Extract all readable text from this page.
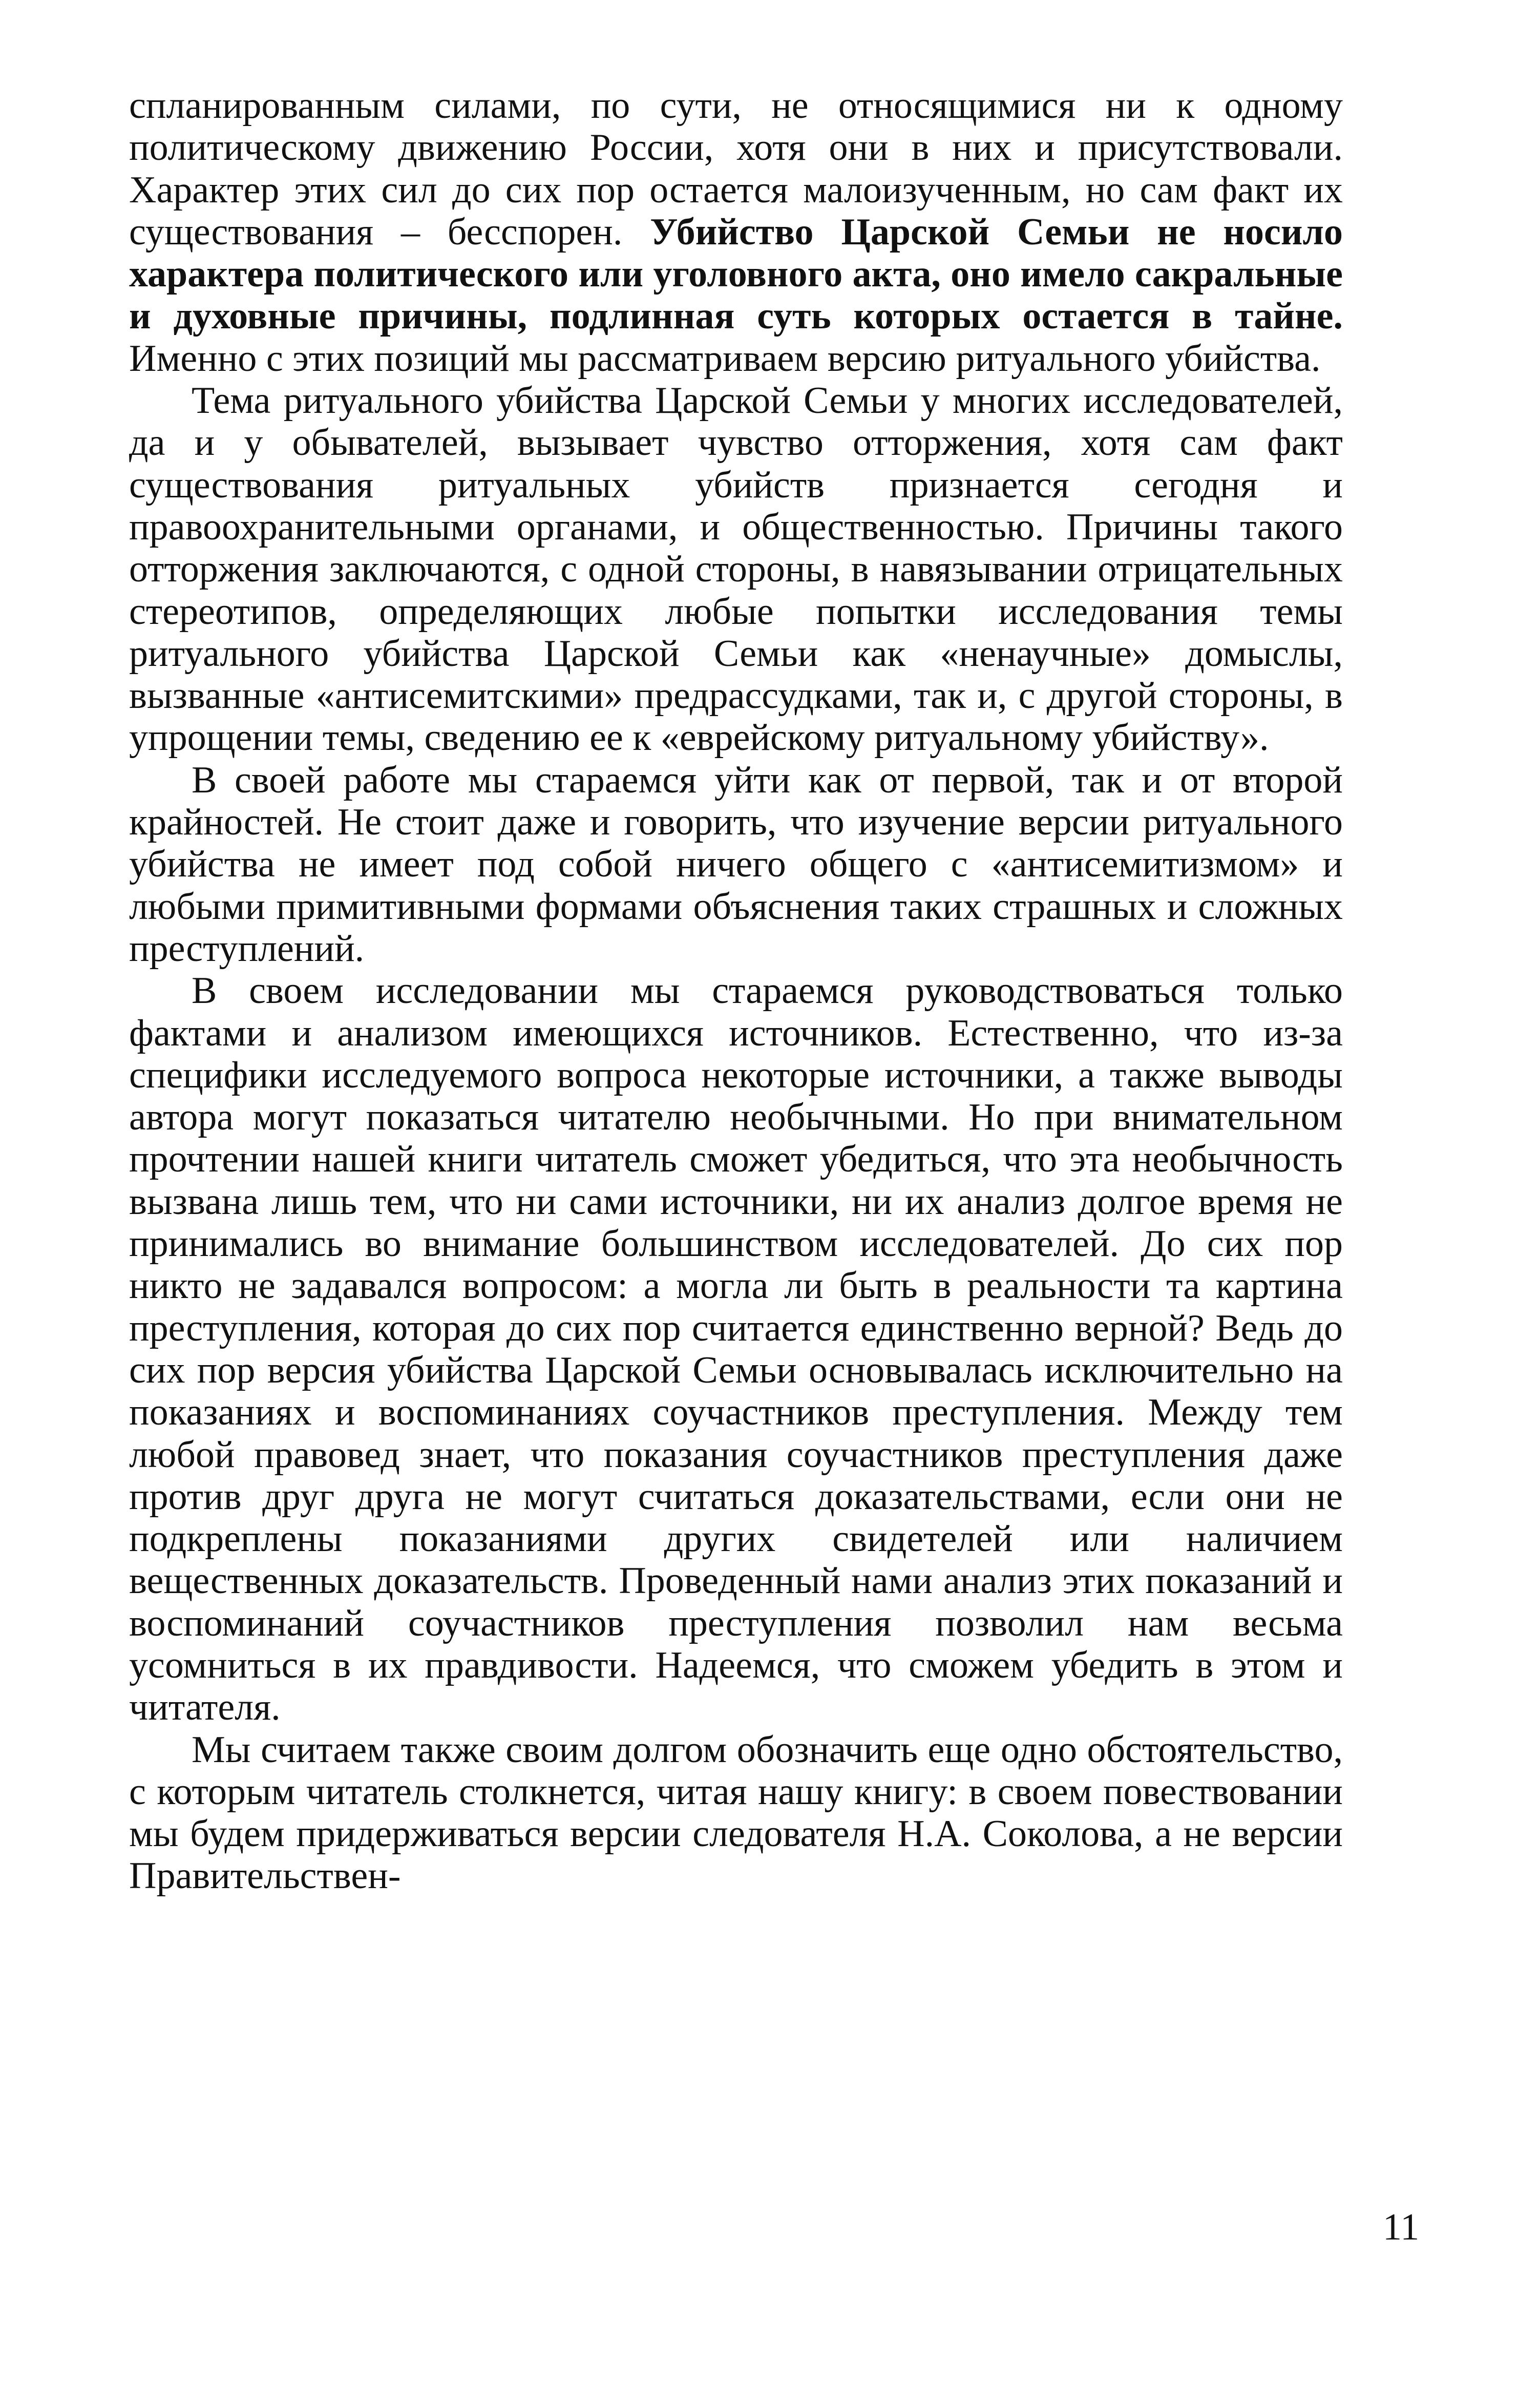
спланированным силами, по сути, не относящимися ни к одному политическому движению России, хотя они в них и присутствовали. Характер этих сил до сих пор остается малоизученным, но сам факт их существования – бесспорен. Убийство Царской Семьи не носило характера политического или уголовного акта, оно имело сакральные и духовные причины, подлинная суть которых остается в тайне. Именно с этих позиций мы рассматриваем версию ритуального убийства.

Тема ритуального убийства Царской Семьи у многих исследователей, да и у обывателей, вызывает чувство отторжения, хотя сам факт существования ритуальных убийств признается сегодня и правоохранительными органами, и общественностью. Причины такого отторжения заключаются, с одной стороны, в навязывании отрицательных стереотипов, определяющих любые попытки исследования темы ритуального убийства Царской Семьи как «ненаучные» домыслы, вызванные «антисемитскими» предрассудками, так и, с другой стороны, в упрощении темы, сведению ее к «еврейскому ритуальному убийству».

В своей работе мы стараемся уйти как от первой, так и от второй крайностей. Не стоит даже и говорить, что изучение версии ритуального убийства не имеет под собой ничего общего с «антисемитизмом» и любыми примитивными формами объяснения таких страшных и сложных преступлений.

В своем исследовании мы стараемся руководствоваться только фактами и анализом имеющихся источников. Естественно, что из-за специфики исследуемого вопроса некоторые источники, а также выводы автора могут показаться читателю необычными. Но при внимательном прочтении нашей книги читатель сможет убедиться, что эта необычность вызвана лишь тем, что ни сами источники, ни их анализ долгое время не принимались во внимание большинством исследователей. До сих пор никто не задавался вопросом: а могла ли быть в реальности та картина преступления, которая до сих пор считается единственно верной? Ведь до сих пор версия убийства Царской Семьи основывалась исключительно на показаниях и воспоминаниях соучастников преступления. Между тем любой правовед знает, что показания соучастников преступления даже против друг друга не могут считаться доказательствами, если они не подкреплены показаниями других свидетелей или наличием вещественных доказательств. Проведенный нами анализ этих показаний и воспоминаний соучастников преступления позволил нам весьма усомниться в их правдивости. Надеемся, что сможем убедить в этом и читателя.

Мы считаем также своим долгом обозначить еще одно обстоятельство, с которым читатель столкнется, читая нашу книгу: в своем повествовании мы будем придерживаться версии следователя Н.А. Соколова, а не версии Правительствен-

11
